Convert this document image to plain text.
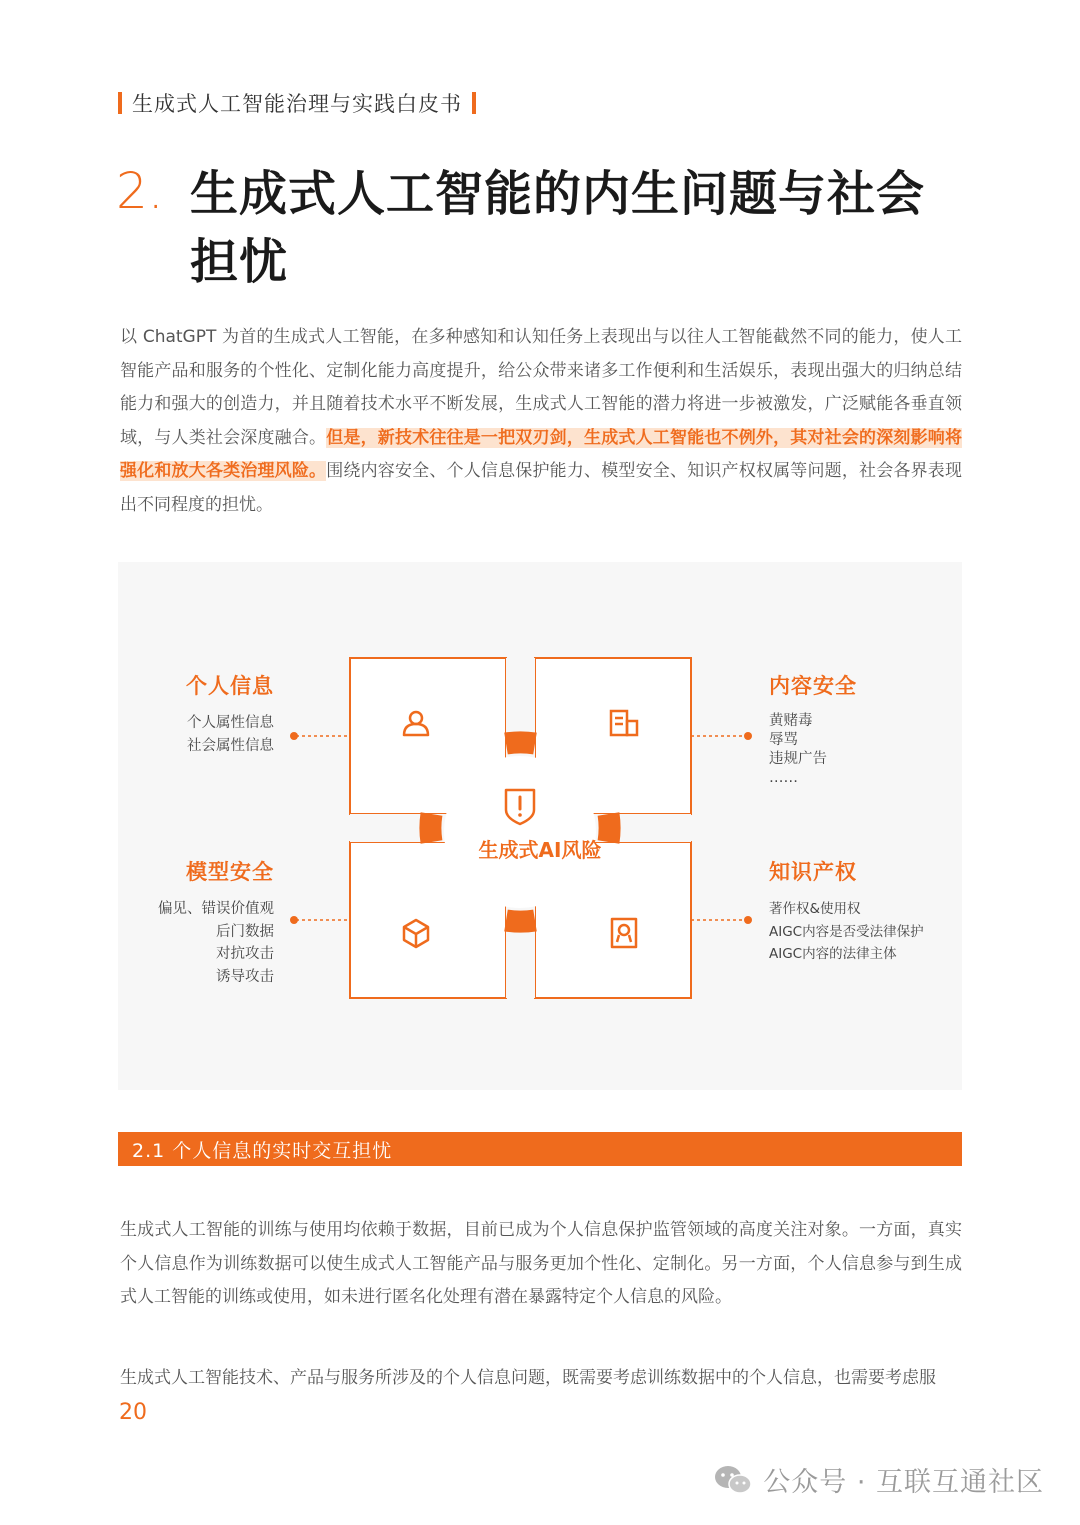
生成式人工智能治理与实践白皮书
2. 生成式人工智能的内生问题与社会担忧
以 ChatGPT 为首的生成式人工智能，在多种感知和认知任务上表现出与以往人工智能截然不同的能力，使人工智能产品和服务的个性化、定制化能力高度提升，给公众带来诸多工作便利和生活娱乐，表现出强大的归纳总结能力和强大的创造力，并且随着技术水平不断发展，生成式人工智能的潜力将进一步被激发，广泛赋能各垂直领域，与人类社会深度融合。但是，新技术往往是一把双刃剑，生成式人工智能也不例外，其对社会的深刻影响将强化和放大各类治理风险。围绕内容安全、个人信息保护能力、模型安全、知识产权权属等问题，社会各界表现出不同程度的担忧。
生成式AI风险
个人信息
个人属性信息
社会属性信息
内容安全
黄赌毒
辱骂
违规广告
……
模型安全
偏见、错误价值观
后门数据
对抗攻击
诱导攻击
知识产权
著作权&使用权
AIGC内容是否受法律保护
AIGC内容的法律主体
2.1 个人信息的实时交互担忧
生成式人工智能的训练与使用均依赖于数据，目前已成为个人信息保护监管领域的高度关注对象。一方面，真实个人信息作为训练数据可以使生成式人工智能产品与服务更加个性化、定制化。另一方面，个人信息参与到生成式人工智能的训练或使用，如未进行匿名化处理有潜在暴露特定个人信息的风险。
生成式人工智能技术、产品与服务所涉及的个人信息问题，既需要考虑训练数据中的个人信息，也需要考虑服
20
公众号 · 互联互通社区
